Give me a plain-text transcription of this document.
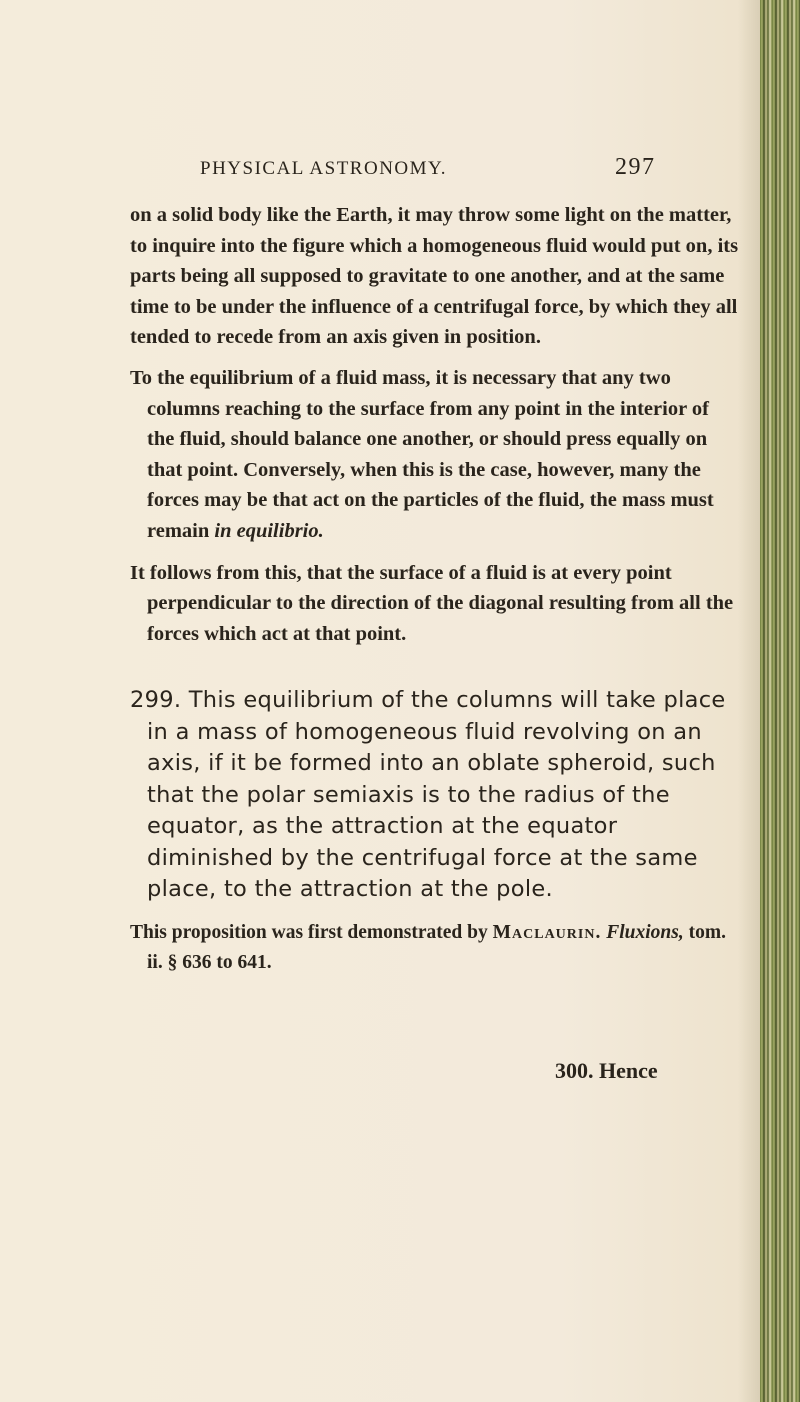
PHYSICAL ASTRONOMY.	297

on a solid body like the Earth, it may throw some light on the matter, to inquire into the figure which a homogeneous fluid would put on, its parts being all supposed to gravitate to one another, and at the same time to be under the influence of a centrifugal force, by which they all tended to recede from an axis given in position.

To the equilibrium of a fluid mass, it is necessary that any two columns reaching to the surface from any point in the interior of the fluid, should balance one another, or should press equally on that point. Conversely, when this is the case, however, many the forces may be that act on the particles of the fluid, the mass must remain in equilibrio.

It follows from this, that the surface of a fluid is at every point perpendicular to the direction of the diagonal resulting from all the forces which act at that point.

299. This equilibrium of the columns will take place in a mass of homogeneous fluid revolving on an axis, if it be formed into an oblate spheroid, such that the polar semiaxis is to the radius of the equator, as the attraction at the equator diminished by the centrifugal force at the same place, to the attraction at the pole.

This proposition was first demonstrated by Maclaurin. Fluxions, tom. ii. § 636 to 641.

300. Hence
